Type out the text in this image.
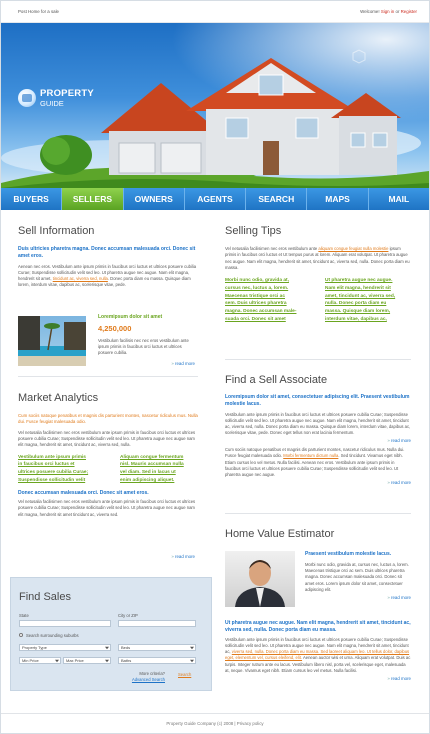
Post Home for a sale	Welcome! Sign in or Register
PROPERTY
GUIDE
BUYERS	SELLERS	OWNERS	AGENTS	SEARCH	MAPS	MAIL
Sell Information
Duis ultricies pharetra magna. Donec accumsan malesuada orci. Donec sit amet eros.
Aenean nec eros. Vestibulum ante ipsum primis in faucibus orci luctus et ultrices posuere cubilia Curae; Suspendisse sollicitudin velit sed leo. Ut pharetra augue nec augue. Nam elit magna, hendrerit sit amet, tincidunt ac, viverra sed, nulla. Donec porta diam eu massa. Quisque diam lorem, interdum vitae, dapibus ac, scelerisque vitae, pede.
Loremipsum dolor sit amet
4,250,000
Vestibulum facilisis nec nec eros vestibulum ante ipsum primis in faucibus orci luctus et ultrices posuere cubilia.
» read more
Market Analytics
Cum sociis natoque penatibus et magnis dis parturient montes, nascetur ridiculus mus. Nulla dui. Fusce feugiat malesuada odio.
Vel netusalia facilisimen nec eros vestibulum ante ipsum primis in faucibus orci luctus et ultrices posuere cubilia Curae; Suspendisse sollicitudin velit sed leo. Ut pharetra augue nec augue nam elit magna, hendrerit sit amet, tincidunt ac, viverra sed, nulla.
Vestibulum ante ipsum primis
in faucibus orci luctus et
ultrices posuere cubilia Curae;
Suspendisse sollicitudin velit
Aliquam congue fermentum
nisl. Mauris accumsan nulla
vel diam. Sed in lacus ut
enim adipiscing aliquet.
Donec accumsan malesuada orci. Donec sit amet eros.
Vel netusalia facilisimen nec eros vestibulum ante ipsum primis in faucibus orci luctus et ultrices posuere cubilia Curae; Suspendisse sollicitudin velit sed leo. Ut pharetra augue nec augue nam elit magna, hendrerit sit amet tincidunt ac, viverra sed.
» read more
Find Sales
State	City or ZIP
Search surrounding suburbs
Property Type	Beds
Min Price	Max Price	Baths
More criteria?
Advanced Search
Search
Selling Tips
Vel netusalia facilisimen nec eros vestibulum ante aliquam congue feugiat nulla molestie ipsum primis in faucibus orci luctus et Ut tempus purus at lorem. Aliquam erat volutpat. Ut pharetra augue nec augue. Nam elit magna, hendrerit sit amet, tincidunt ac, viverra sed, nulla. Donec porta diam eu massa.
Morbi nunc odio, gravida at,
cursus nec, luctus a, lorem.
Maecenas tristique orci ac
sem. Duis ultrices pharetra
magna. Donec accumsan male-
suada orci. Donec sit amet
Ut pharetra augue nec augue.
Nam elit magna, hendrerit sit
amet, tincidunt ac, viverra sed,
nulla. Donec porta diam eu
massa. Quisque diam lorem,
interdum vitae, dapibus ac,
Find a Sell Associate
Loremipsum dolor sit amet, consectetuer adipiscing elit. Praesent vestibulum molestie lacus.
Vestibulum ante ipsum primis in faucibus orci luctus et ultrices posuere cubilia Curae; Suspendisse sollicitudin velit sed leo. Ut pharetra augue nec augue. Nam elit magna, hendrerit sit amet, tincidunt ac, viverra sed, nulla. Donec porta diam eu massa. Quisque diam lorem, interdum vitae, dapibus ac, scelerisque vitae, pede. Donec eget tellus non erat lacinia fermentum.
» read more
Cum sociis natoque penatibus et magnis dis parturient montes, nascetur ridiculus mus. Nulla dui. Fusce feugiat malesuada odio. Morbi fermentum dictum nulla. Sed tincidunt. Vivamus eget nibh. Etiam cursus leo vel metus. Nulla facilisi. Aenean nec eros. Vestibulum ante ipsum primis in faucibus orci luctus et ultrices posuere cubilia Curae; Suspendisse sollicitudin velit sed leo. Ut pharetra augue nec augue.
» read more
Home Value Estimator
Praesent vestibulum molestie lacus.
Morbi nunc odio, gravida at, cursus nec, luctus a, lorem. Maecenas tristique orci ac sem. Duis ultrices pharetra magna. Donec accumsan malesuada orci. Donec sit amet eros. Lorem ipsum dolor sit amet, consectetuer adipiscing elit.
» read more
Ut pharetra augue nec augue. Nam elit magna, hendrerit sit amet, tincidunt ac, viverra sed, nulla. Donec porta diam eu massa.
Vestibulum ante ipsum primis in faucibus orci luctus et ultrices posuere cubilia Curae; Suspendisse sollicitudin velit sed leo. Ut pharetra augue nec augue. Nam elit magna, hendrerit sit amet, tincidunt ac, viverra sed, nulla. Donec porta diam eu massa. Sed laoreet aliquam leo. Ut tellus dolor, dapibus eget, elementum vel, cursus eleifend, elit. Aenean auctor wisi et urna. Aliquam erat volutpat. Duis ac turpis. Integer rutrum ante eu lacus. Vestibulum libero nisl, porta vel, scelerisque eget, malesuada at, neque. Vivamus eget nibh. Etiam cursus leo vel metus. Nulla facilisi.
» read more
Property Guide Company (c) 2008 | Privacy policy
